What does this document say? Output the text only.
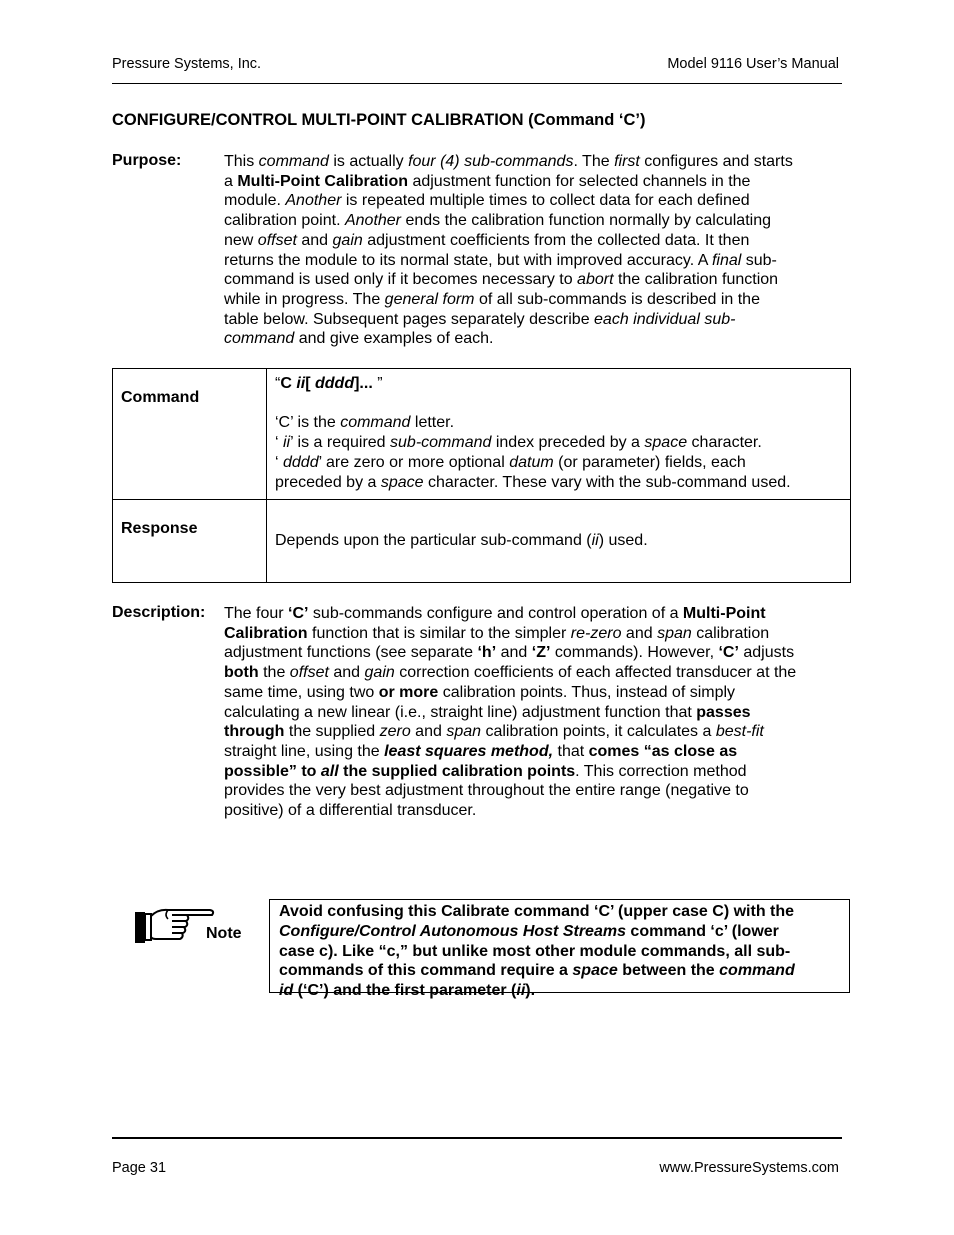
Pressure Systems, Inc.	Model 9116 User’s Manual
CONFIGURE/CONTROL MULTI-POINT CALIBRATION (Command ‘C’)
Purpose:	This command is actually four (4) sub-commands. The first configures and starts
a Multi-Point Calibration adjustment function for selected channels in the
module. Another is repeated multiple times to collect data for each defined
calibration point. Another ends the calibration function normally by calculating
new offset and gain adjustment coefficients from the collected data. It then
returns the module to its normal state, but with improved accuracy. A final sub-
command is used only if it becomes necessary to abort the calibration function
while in progress. The general form of all sub-commands is described in the
table below. Subsequent pages separately describe each individual sub-
command and give examples of each.
Command	“C ii[ dddd]... ”
‘C’ is the command letter.
‘ ii’ is a required sub-command index preceded by a space character.
‘ dddd’ are zero or more optional datum (or parameter) fields, each
preceded by a space character. These vary with the sub-command used.

Response	Depends upon the particular sub-command (ii) used.
Description: The four ‘C’ sub-commands configure and control operation of a Multi-Point
Calibration function that is similar to the simpler re-zero and span calibration
adjustment functions (see separate ‘h’ and ‘Z’ commands). However, ‘C’ adjusts
both the offset and gain correction coefficients of each affected transducer at the
same time, using two or more calibration points. Thus, instead of simply
calculating a new linear (i.e., straight line) adjustment function that passes
through the supplied zero and span calibration points, it calculates a best-fit
straight line, using the least squares method, that comes “as close as
possible” to all the supplied calibration points. This correction method
provides the very best adjustment throughout the entire range (negative to
positive) of a differential transducer.
Note
Avoid confusing this Calibrate command ‘C’ (upper case C) with the
Configure/Control Autonomous Host Streams command ‘c’ (lower
case c). Like “c,” but unlike most other module commands, all sub-
commands of this command require a space between the command
id (‘C’) and the first parameter (ii).
Page 31	www.PressureSystems.com
